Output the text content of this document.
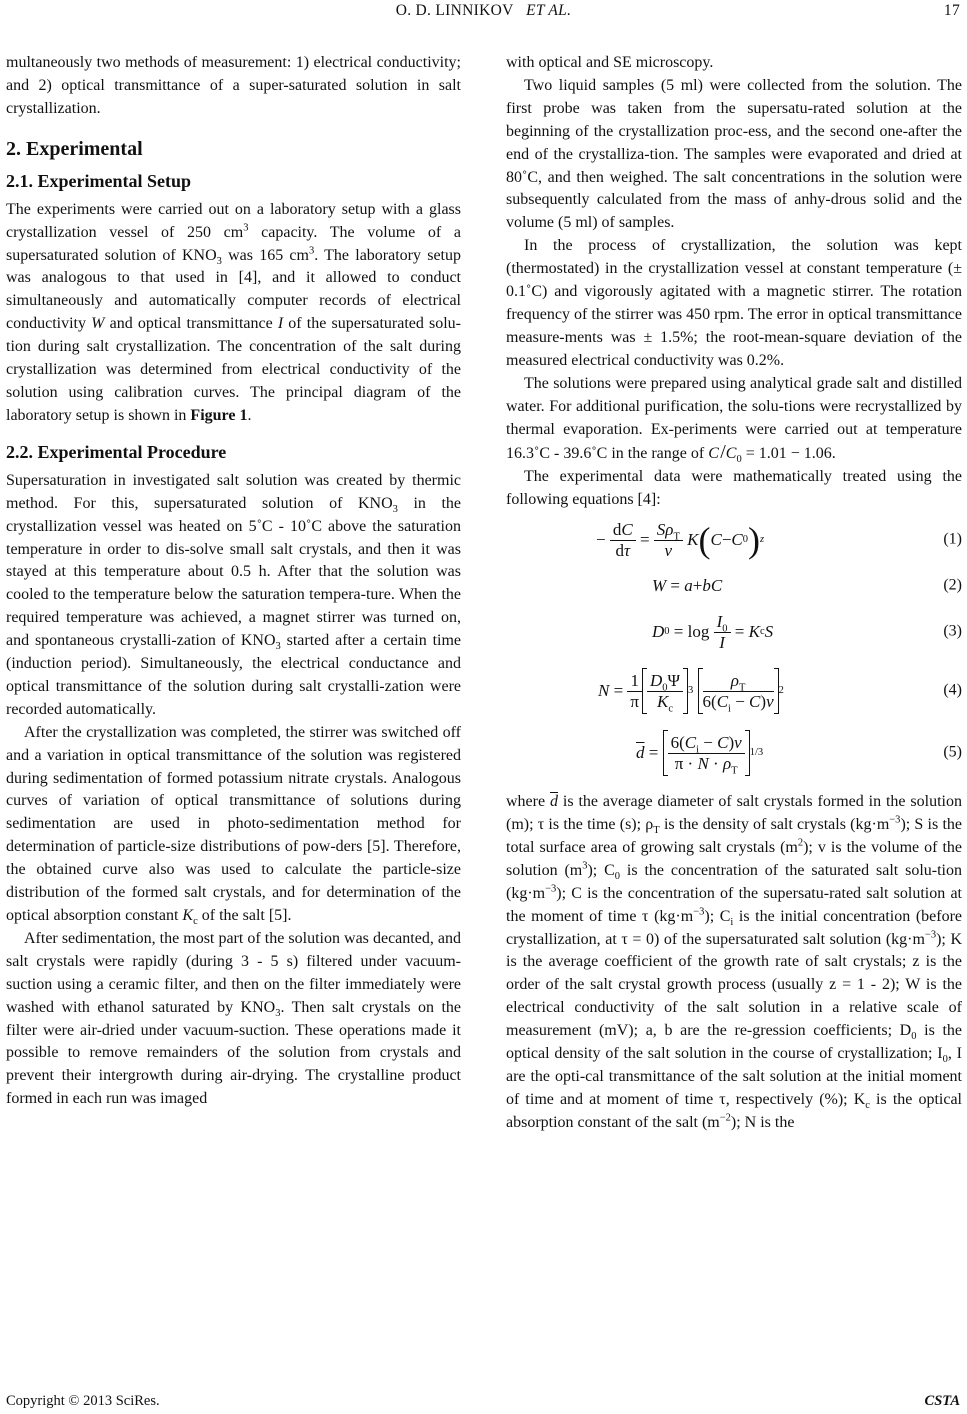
O. D. LINNIKOV ET AL.	17

multaneously two methods of measurement: 1) electrical conductivity; and 2) optical transmittance of a super-saturated solution in salt crystallization.

2. Experimental
2.1. Experimental Setup

The experiments were carried out on a laboratory setup with a glass crystallization vessel of 250 $cm^3$ capacity. The volume of a supersaturated solution of $KNO_3$ was 165 $cm^3$. The laboratory setup was analogous to that used in [4], and it allowed to conduct simultaneously and automatically computer records of electrical conductivity W and optical transmittance I of the supersaturated solu-tion during salt crystallization. The concentration of the salt during crystallization was determined from electrical conductivity of the solution using calibration curves. The principal diagram of the laboratory setup is shown in Figure 1.

2.2. Experimental Procedure

Supersaturation in investigated salt solution was created by thermic method. For this, supersaturated solution of $KNO_3$ in the crystallization vessel was heated on 5˚C - 10˚C above the saturation temperature in order to dis-solve small salt crystals, and then it was stayed at this temperature about 0.5 h. After that the solution was cooled to the temperature below the saturation tempera-ture. When the required temperature was achieved, a magnet stirrer was turned on, and spontaneous crystalli-zation of $KNO_3$ started after a certain time (induction period). Simultaneously, the electrical conductance and optical transmittance of the solution during salt crystalli-zation were recorded automatically.

After the crystallization was completed, the stirrer was switched off and a variation in optical transmittance of the solution was registered during sedimentation of formed potassium nitrate crystals. Analogous curves of variation of optical transmittance of solutions during sedimentation are used in photo-sedimentation method for determination of particle-size distributions of pow-ders [5]. Therefore, the obtained curve also was used to calculate the particle-size distribution of the formed salt crystals, and for determination of the optical absorption constant $K_c$ of the salt [5].

After sedimentation, the most part of the solution was decanted, and salt crystals were rapidly (during 3 - 5 s) filtered under vacuum-suction using a ceramic filter, and then on the filter immediately were washed with ethanol saturated by $KNO_3$. Then salt crystals on the filter were air-dried under vacuum-suction. These operations made it possible to remove remainders of the solution from crystals and prevent their intergrowth during air-drying. The crystalline product formed in each run was imaged

with optical and SE microscopy.

Two liquid samples (5 ml) were collected from the solution. The first probe was taken from the supersatu-rated solution at the beginning of the crystallization proc-ess, and the second one-after the end of the crystalliza-tion. The samples were evaporated and dried at 80˚C, and then weighed. The salt concentrations in the solution were subsequently calculated from the mass of anhy-drous solid and the volume (5 ml) of samples.

In the process of crystallization, the solution was kept (thermostated) in the crystallization vessel at constant temperature (± 0.1˚C) and vigorously agitated with a magnetic stirrer. The rotation frequency of the stirrer was 450 rpm. The error in optical transmittance measure-ments was ± 1.5%; the root-mean-square deviation of the measured electrical conductivity was 0.2%.

The solutions were prepared using analytical grade salt and distilled water. For additional purification, the solu-tions were recrystallized by thermal evaporation. Ex-periments were carried out at temperature 16.3˚C - 39.6˚C in the range of C $/C_0 = 1.01 - 1.06$.

The experimental data were mathematically treated using the following equations [4]:

− $\frac{dC}{d\tau} = \frac{S\rho_T}{v}$
K ( C − C 0 ) z	(1)
W = a + bC	(2)
D $0 = \log \frac{I_0}{I} = K$ c S	(3)
$N = \frac{1}{\pi} \frac{D_0\Psi}{K_c} 3$
$\frac{\rho_T}{6(C_i - C)v} 2$	(4)
$\overline{d} = \frac{6(C_i - C)v}{\pi \cdot N \cdot \rho_T} 1/3$	(5)

where $\overline{d}$ is the average diameter of salt crystals formed in the solution (m); τ is the time (s); $\rho_T$ is the density of salt crystals $(kg\cdot m^{-3})$; S is the total surface area of growing salt crystals $(m^2)$; v is the volume of the solution $(m^3)$; $C_0$ is the concentration of the saturated salt solu-tion $(kg\cdot m^{-3})$; C is the concentration of the supersatu-rated salt solution at the moment of time τ $(kg\cdot m^{-3})$; $C_i$ is the initial concentration (before crystallization, at τ = 0) of the supersaturated salt solution $(kg\cdot m^{-3})$; K is the average coefficient of the growth rate of salt crystals; z is the order of the salt crystal growth process (usually z = 1 - 2); W is the electrical conductivity of the salt solution in a relative scale of measurement (mV); a, b are the re-gression coefficients; $D_0$ is the optical density of the salt solution in the course of crystallization; $I_0$, I are the opti-cal transmittance of the salt solution at the initial moment of time and at moment of time τ, respectively (%); $K_c$ is the optical absorption constant of the salt $(m^{-2})$; N is the

Copyright © 2013 SciRes.	CSTA
